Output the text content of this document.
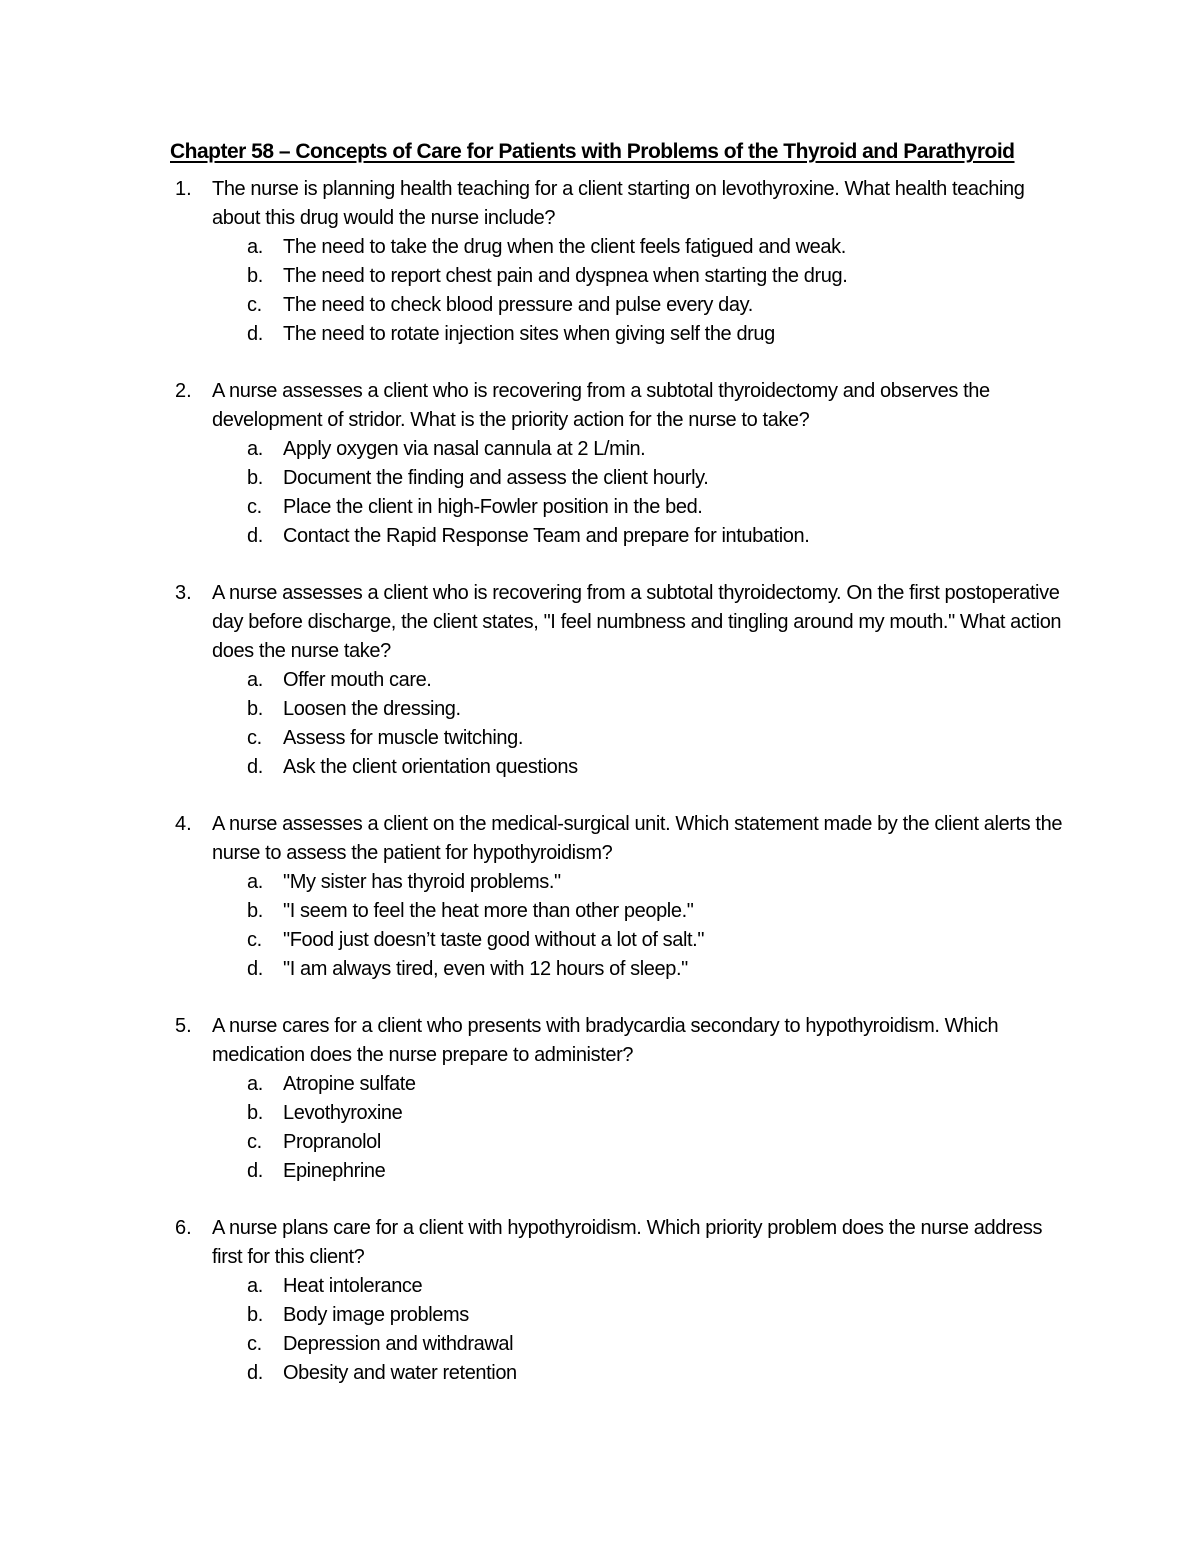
Chapter 58 – Concepts of Care for Patients with Problems of the Thyroid and Parathyroid
1. The nurse is planning health teaching for a client starting on levothyroxine. What health teaching about this drug would the nurse include?

a. The need to take the drug when the client feels fatigued and weak.
b. The need to report chest pain and dyspnea when starting the drug.
c. The need to check blood pressure and pulse every day.
d. The need to rotate injection sites when giving self the drug
2. A nurse assesses a client who is recovering from a subtotal thyroidectomy and observes the development of stridor. What is the priority action for the nurse to take?

a. Apply oxygen via nasal cannula at 2 L/min.
b. Document the finding and assess the client hourly.
c. Place the client in high-Fowler position in the bed.
d. Contact the Rapid Response Team and prepare for intubation.
3. A nurse assesses a client who is recovering from a subtotal thyroidectomy. On the first postoperative day before discharge, the client states, "I feel numbness and tingling around my mouth." What action does the nurse take?

a. Offer mouth care.
b. Loosen the dressing.
c. Assess for muscle twitching.
d. Ask the client orientation questions
4. A nurse assesses a client on the medical-surgical unit. Which statement made by the client alerts the nurse to assess the patient for hypothyroidism?

a. "My sister has thyroid problems."
b. "I seem to feel the heat more than other people."
c. "Food just doesn’t taste good without a lot of salt."
d. "I am always tired, even with 12 hours of sleep."
5. A nurse cares for a client who presents with bradycardia secondary to hypothyroidism. Which medication does the nurse prepare to administer?

a. Atropine sulfate
b. Levothyroxine
c. Propranolol
d. Epinephrine
6. A nurse plans care for a client with hypothyroidism. Which priority problem does the nurse address first for this client?

a. Heat intolerance
b. Body image problems
c. Depression and withdrawal
d. Obesity and water retention
